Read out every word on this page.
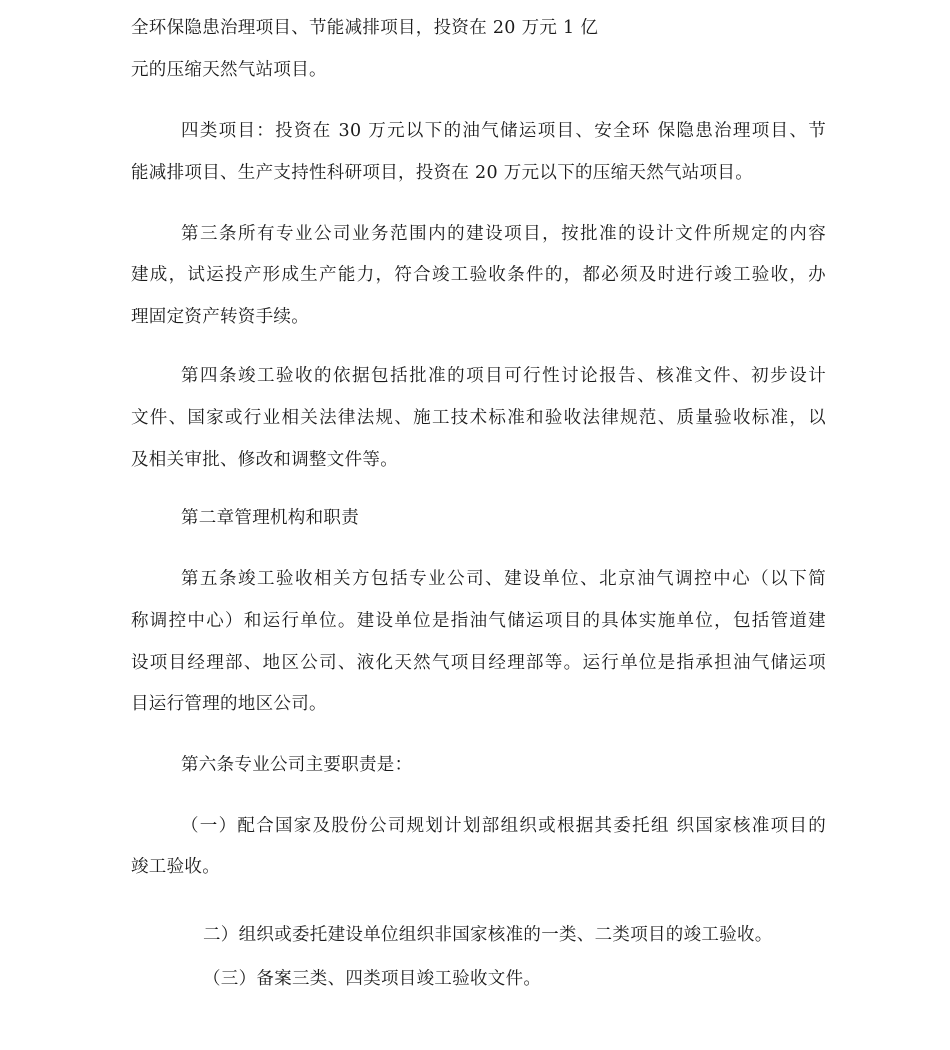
全环保隐患治理项目、节能减排项目，投资在 20 万元 1 亿
元的压缩天然气站项目。
四类项目：投资在 30 万元以下的油气储运项目、安全环 保隐患治理项目、节
能减排项目、生产支持性科研项目，投资在 20 万元以下的压缩天然气站项目。
第三条所有专业公司业务范围内的建设项目，按批准的设计文件所规定的内容
建成，试运投产形成生产能力，符合竣工验收条件的，都必须及时进行竣工验收，办
理固定资产转资手续。
第四条竣工验收的依据包括批准的项目可行性讨论报告、核准文件、初步设计
文件、国家或行业相关法律法规、施工技术标准和验收法律规范、质量验收标准，以
及相关审批、修改和调整文件等。
第二章管理机构和职责
第五条竣工验收相关方包括专业公司、建设单位、北京油气调控中心（以下简
称调控中心）和运行单位。建设单位是指油气储运项目的具体实施单位，包括管道建
设项目经理部、地区公司、液化天然气项目经理部等。运行单位是指承担油气储运项
目运行管理的地区公司。
第六条专业公司主要职责是：
（一）配合国家及股份公司规划计划部组织或根据其委托组 织国家核准项目的
竣工验收。
二）组织或委托建设单位组织非国家核准的一类、二类项目的竣工验收。
（三）备案三类、四类项目竣工验收文件。
